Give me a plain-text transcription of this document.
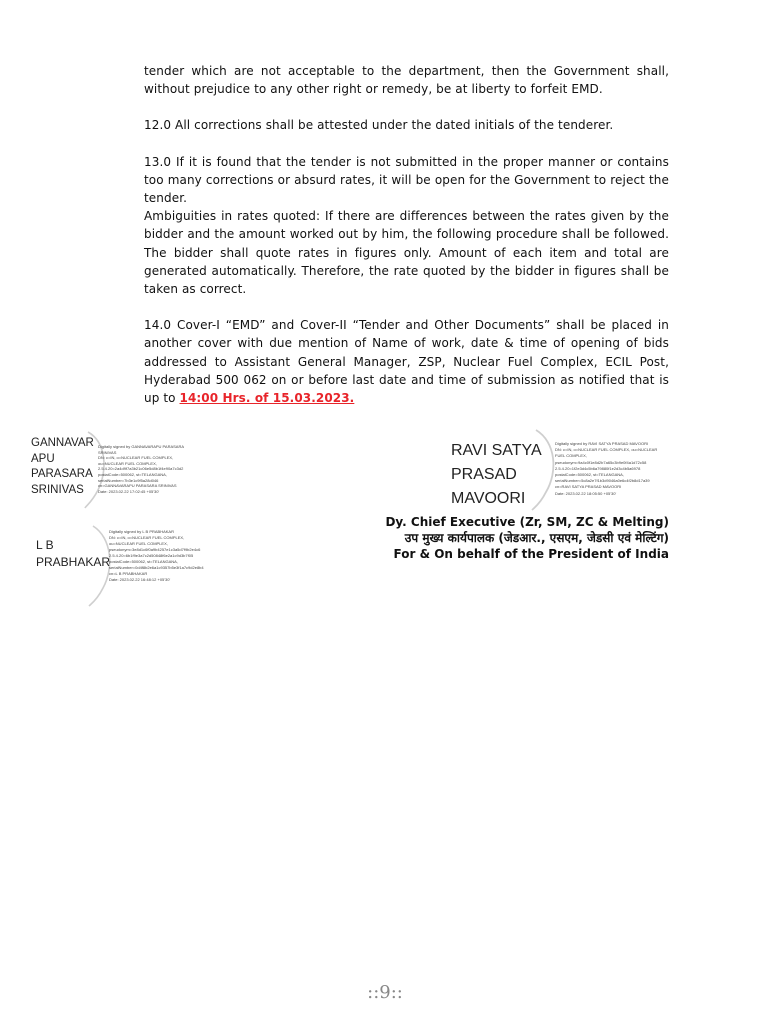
tender which are not acceptable to the department, then the Government shall, without prejudice to any other right or remedy, be at liberty to forfeit EMD.

12.0 All corrections shall be attested under the dated initials of the tenderer.

13.0 If it is found that the tender is not submitted in the proper manner or contains too many corrections or absurd rates, it will be open for the Government to reject the tender.

Ambiguities in rates quoted: If there are differences between the rates given by the bidder and the amount worked out by him, the following procedure shall be followed. The bidder shall quote rates in figures only. Amount of each item and total are generated automatically. Therefore, the rate quoted by the bidder in figures shall be taken as correct.

14.0 Cover-I “EMD” and Cover-II “Tender and Other Documents” shall be placed in another cover with due mention of Name of work, date & time of opening of bids addressed to Assistant General Manager, ZSP, Nuclear Fuel Complex, ECIL Post, Hyderabad 500 062 on or before last date and time of submission as notified that is up to 14:00 Hrs. of 15.03.2023.

GANNAVAR
APU
PARASARA
SRINIVAS

Digitally signed by GANNAVARAPU PARASARA SRINIVAS
DN: c=IN, o=NUCLEAR FUEL COMPLEX,
ou=NUCLEAR FUEL COMPLEX,
2.5.4.20=2a4d9f7a3b21c06e5d8b1f4e90a7c3d2
postalCode=500062, st=TELANGANA,
serialNumber=7b3e1c9f5a28d046
cn=GANNAVARAPU PARASARA SRINIVAS
Date: 2023.02.22 17:02:45 +05'30'

RAVI SATYA
PRASAD
MAVOORI

Digitally signed by RAVI SATYA PRASAD MAVOORI
DN: c=IN, o=NUCLEAR FUEL COMPLEX, ou=NUCLEAR
FUEL COMPLEX,
pseudonym=9a4c0f1e8d2b7a65c3b9e0f4a1d72c58
2.5.4.20=1f2e3d4c5b6a79880f1e2d3c4b5a6978
postalCode=500062, st=TELANGANA,
serialNumber=5c8a2e7f1b3d9046a0e6c4f2b8d17a39
cn=RAVI SATYA PRASAD MAVOORI
Date: 2023.02.22 18:05:50 +05'30'

L B
PRABHAKAR

Digitally signed by L B PRABHAKAR
DN: c=IN, o=NUCLEAR FUEL COMPLEX,
ou=NUCLEAR FUEL COMPLEX,
pseudonym=3e8d1c6f0a9b4257e1c3a5d7f9b2e4c6
2.5.4.20=6b1f9e3a7c2d50848f6e2a1c9d3b7f05
postalCode=500062, st=TELANGANA,
serialNumber=0d4f8b2e6a1c9357b5e3f1a7c9d2e8b4
cn=L B PRABHAKAR
Date: 2023.02.22 16:48:12 +05'30'

Dy. Chief Executive (Zr, SM, ZC & Melting)
उप मुख्य कार्यपालक (जेडआर., एसएम, जेडसी एवं मेल्टिंग)
For & On behalf of the President of India
::9::
